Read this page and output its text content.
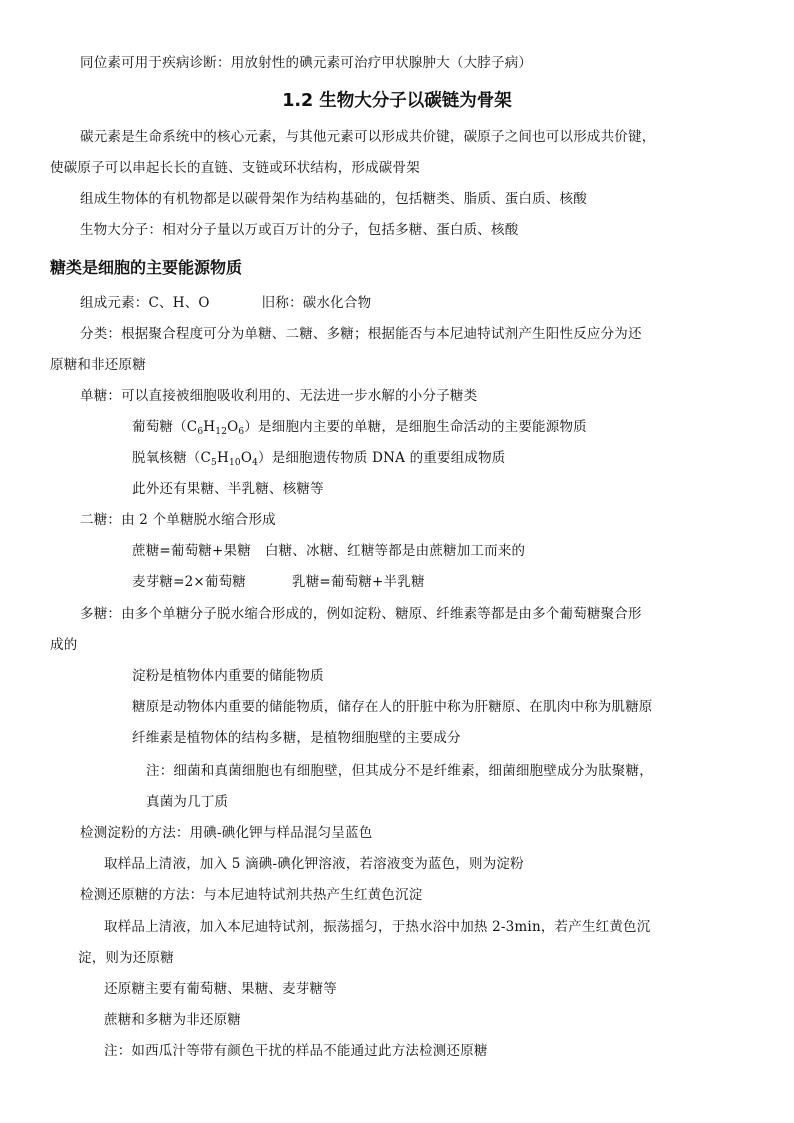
同位素可用于疾病诊断：用放射性的碘元素可治疗甲状腺肿大（大脖子病）
1.2 生物大分子以碳链为骨架
碳元素是生命系统中的核心元素，与其他元素可以形成共价键，碳原子之间也可以形成共价键，
使碳原子可以串起长长的直链、支链或环状结构，形成碳骨架
组成生物体的有机物都是以碳骨架作为结构基础的，包括糖类、脂质、蛋白质、核酸
生物大分子：相对分子量以万或百万计的分子，包括多糖、蛋白质、核酸
糖类是细胞的主要能源物质
组成元素：C、H、O	旧称：碳水化合物
分类：根据聚合程度可分为单糖、二糖、多糖；根据能否与本尼迪特试剂产生阳性反应分为还
原糖和非还原糖
单糖：可以直接被细胞吸收利用的、无法进一步水解的小分子糖类
葡萄糖$(C_6H_{12}O_6)$是细胞内主要的单糖，是细胞生命活动的主要能源物质
脱氧核糖$(C_5H_{10}O_4)$是细胞遗传物质 DNA 的重要组成物质
此外还有果糖、半乳糖、核糖等
二糖：由 2 个单糖脱水缩合形成
蔗糖=葡萄糖+果糖 白糖、冰糖、红糖等都是由蔗糖加工而来的
麦芽糖=2×葡萄糖	乳糖=葡萄糖+半乳糖
多糖：由多个单糖分子脱水缩合形成的，例如淀粉、糖原、纤维素等都是由多个葡萄糖聚合形
成的
淀粉是植物体内重要的储能物质
糖原是动物体内重要的储能物质，储存在人的肝脏中称为肝糖原、在肌肉中称为肌糖原
纤维素是植物体的结构多糖，是植物细胞壁的主要成分
注：细菌和真菌细胞也有细胞壁，但其成分不是纤维素，细菌细胞壁成分为肽聚糖，
真菌为几丁质
检测淀粉的方法：用碘-碘化钾与样品混匀呈蓝色
取样品上清液，加入 5 滴碘-碘化钾溶液，若溶液变为蓝色，则为淀粉
检测还原糖的方法：与本尼迪特试剂共热产生红黄色沉淀
取样品上清液，加入本尼迪特试剂，振荡摇匀，于热水浴中加热 2-3min，若产生红黄色沉
淀，则为还原糖
还原糖主要有葡萄糖、果糖、麦芽糖等
蔗糖和多糖为非还原糖
注：如西瓜汁等带有颜色干扰的样品不能通过此方法检测还原糖
